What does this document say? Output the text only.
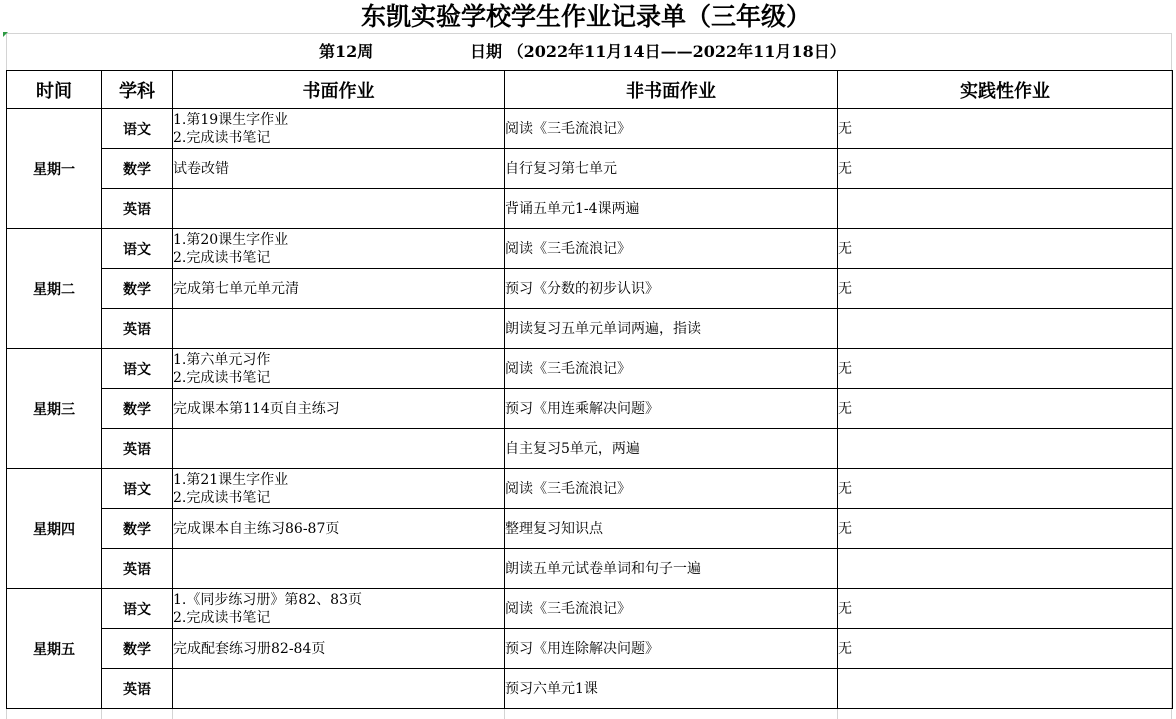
东凯实验学校学生作业记录单（三年级）
第12周	日期 （2022年11月14日——2022年11月18日）
时间	学科	书面作业	非书面作业	实践性作业
星期一	语文	1.第19课生字作业
2.完成读书笔记	阅读《三毛流浪记》	无
	数学	试卷改错	自行复习第七单元	无
	英语		背诵五单元1-4课两遍	
星期二	语文	1.第20课生字作业
2.完成读书笔记	阅读《三毛流浪记》	无
	数学	完成第七单元单元清	预习《分数的初步认识》	无
	英语		朗读复习五单元单词两遍，指读	
星期三	语文	1.第六单元习作
2.完成读书笔记	阅读《三毛流浪记》	无
	数学	完成课本第114页自主练习	预习《用连乘解决问题》	无
	英语		自主复习5单元，两遍	
星期四	语文	1.第21课生字作业
2.完成读书笔记	阅读《三毛流浪记》	无
	数学	完成课本自主练习86-87页	整理复习知识点	无
	英语		朗读五单元试卷单词和句子一遍	
星期五	语文	1.《同步练习册》第82、83页
2.完成读书笔记	阅读《三毛流浪记》	无
	数学	完成配套练习册82-84页	预习《用连除解决问题》	无
	英语		预习六单元1课	
